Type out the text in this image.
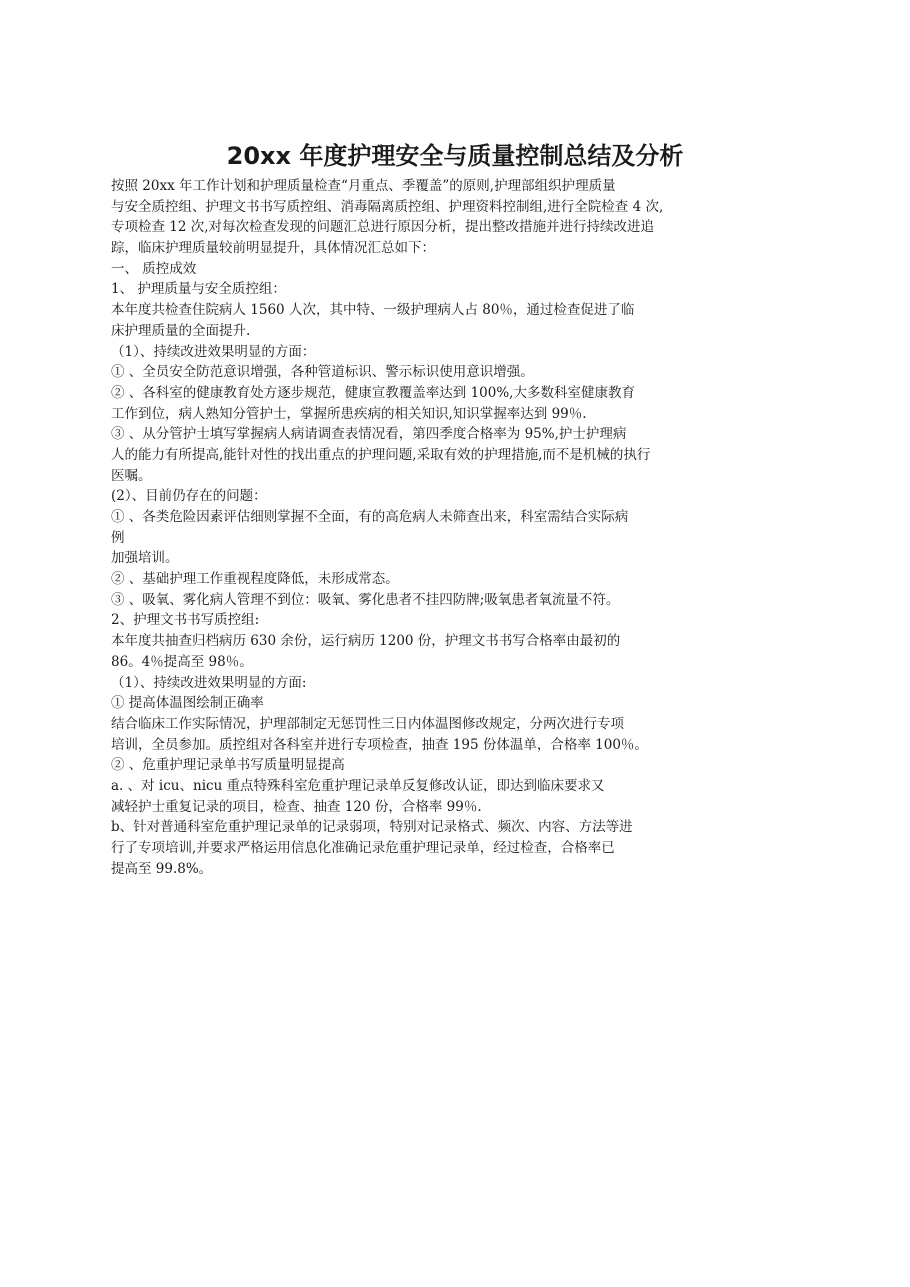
20xx 年度护理安全与质量控制总结及分析
按照 20xx 年工作计划和护理质量检查“月重点、季覆盖”的原则,护理部组织护理质量
与安全质控组、护理文书书写质控组、消毒隔离质控组、护理资料控制组,进行全院检查 4 次,
专项检查 12 次,对每次检查发现的问题汇总进行原因分析，提出整改措施并进行持续改进追
踪，临床护理质量较前明显提升，具体情况汇总如下：
一、 质控成效
1、 护理质量与安全质控组：
本年度共检查住院病人 1560 人次，其中特、一级护理病人占 80％，通过检查促进了临
床护理质量的全面提升.
（1）、持续改进效果明显的方面：
① 、全员安全防范意识增强，各种管道标识、警示标识使用意识增强。
② 、各科室的健康教育处方逐步规范，健康宣教覆盖率达到 100%,大多数科室健康教育
工作到位，病人熟知分管护士，掌握所患疾病的相关知识,知识掌握率达到 99％.
③ 、从分管护士填写掌握病人病请调查表情况看，第四季度合格率为 95%,护士护理病
人的能力有所提高,能针对性的找出重点的护理问题,采取有效的护理措施,而不是机械的执行
医嘱。
(2）、目前仍存在的问题：
① 、各类危险因素评估细则掌握不全面，有的高危病人未筛查出来，科室需结合实际病
例
加强培训。
② 、基础护理工作重视程度降低，未形成常态。
③ 、吸氧、雾化病人管理不到位：吸氧、雾化患者不挂四防牌;吸氧患者氧流量不符。
2、护理文书书写质控组:
本年度共抽查归档病历 630 余份，运行病历 1200 份，护理文书书写合格率由最初的
86。4％提高至 98％。
（1）、持续改进效果明显的方面:
① 提高体温图绘制正确率
结合临床工作实际情况，护理部制定无惩罚性三日内体温图修改规定，分两次进行专项
培训，全员参加。质控组对各科室并进行专项检查，抽查 195 份体温单，合格率 100％。
② 、危重护理记录单书写质量明显提高
a. 、对 icu、nicu 重点特殊科室危重护理记录单反复修改认证，即达到临床要求又
减轻护士重复记录的项目，检查、抽查 120 份，合格率 99％.
b、针对普通科室危重护理记录单的记录弱项，特别对记录格式、频次、内容、方法等进
行了专项培训,并要求严格运用信息化准确记录危重护理记录单，经过检查，合格率已
提高至 99.8%。
